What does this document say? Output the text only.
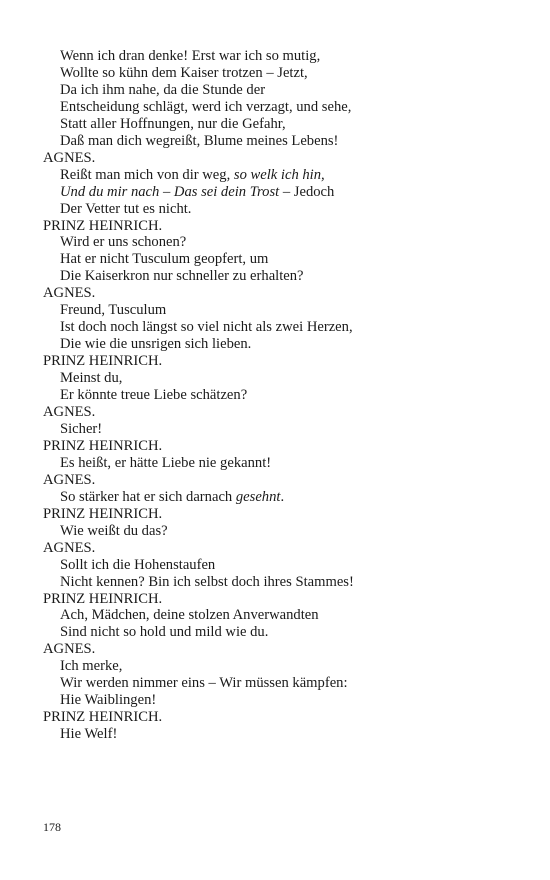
Wenn ich dran denke! Erst war ich so mutig,
Wollte so kühn dem Kaiser trotzen – Jetzt,
Da ich ihm nahe, da die Stunde der
Entscheidung schlägt, werd ich verzagt, und sehe,
Statt aller Hoffnungen, nur die Gefahr,
Daß man dich wegreißt, Blume meines Lebens!
AGNES.
Reißt man mich von dir weg, so welk ich hin,
Und du mir nach – Das sei dein Trost – Jedoch
Der Vetter tut es nicht.
PRINZ HEINRICH.
Wird er uns schonen?
Hat er nicht Tusculum geopfert, um
Die Kaiserkron nur schneller zu erhalten?
AGNES.
Freund, Tusculum
Ist doch noch längst so viel nicht als zwei Herzen,
Die wie die unsrigen sich lieben.
PRINZ HEINRICH.
Meinst du,
Er könnte treue Liebe schätzen?
AGNES.
Sicher!
PRINZ HEINRICH.
Es heißt, er hätte Liebe nie gekannt!
AGNES.
So stärker hat er sich darnach gesehnt.
PRINZ HEINRICH.
Wie weißt du das?
AGNES.
Sollt ich die Hohenstaufen
Nicht kennen? Bin ich selbst doch ihres Stammes!
PRINZ HEINRICH.
Ach, Mädchen, deine stolzen Anverwandten
Sind nicht so hold und mild wie du.
AGNES.
Ich merke,
Wir werden nimmer eins – Wir müssen kämpfen:
Hie Waiblingen!
PRINZ HEINRICH.
Hie Welf!
178
